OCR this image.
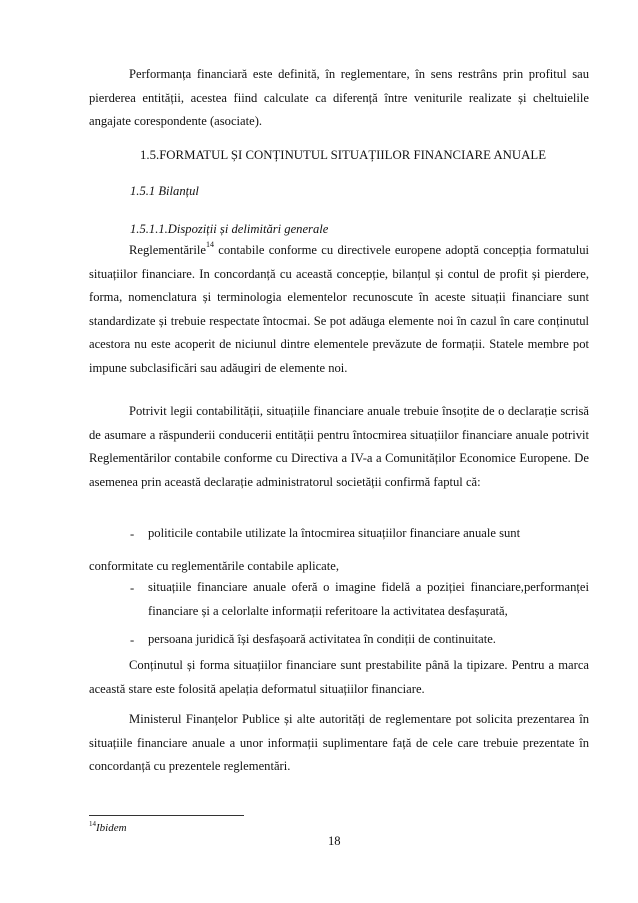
Performanța financiară este definită, în reglementare, în sens restrâns prin profitul sau pierderea entității, acestea fiind calculate ca diferență între veniturile realizate și cheltuielile angajate corespondente (asociate).

1.5.FORMATUL ȘI CONȚINUTUL SITUAȚIILOR FINANCIARE ANUALE
1.5.1 Bilanțul
1.5.1.1.Dispoziții și delimitări generale

Reglementările$^{14}$ contabile conforme cu directivele europene adoptă concepția formatului situațiilor financiare. In concordanță cu această concepție, bilanțul și contul de profit și pierdere, forma, nomenclatura și terminologia elementelor recunoscute în aceste situații financiare sunt standardizate și trebuie respectate întocmai. Se pot adăuga elemente noi în cazul în care conținutul acestora nu este acoperit de niciunul dintre elementele prevăzute de formații. Statele membre pot impune subclasificări sau adăugiri de elemente noi.

Potrivit legii contabilității, situațiile financiare anuale trebuie însoțite de o declarație scrisă de asumare a răspunderii conducerii entității pentru întocmirea situațiilor financiare anuale potrivit Reglementărilor contabile conforme cu Directiva a IV-a a Comunităților Economice Europene. De asemenea prin această declarație administratorul societății confirmă faptul că:

- politicile contabile utilizate la întocmirea situațiilor financiare anuale sunt
conformitate cu reglementările contabile aplicate,
- situațiile financiare anuale oferă o imagine fidelă a poziției financiare,performanței financiare și a celorlalte informații referitoare la activitatea desfașurată,
- persoana juridică își desfașoară activitatea în condiții de continuitate.

Conținutul și forma situațiilor financiare sunt prestabilite până la tipizare. Pentru a marca această stare este folosită apelația deformatul situațiilor financiare.

Ministerul Finanțelor Publice și alte autorități de reglementare pot solicita prezentarea în situațiile financiare anuale a unor informații suplimentare față de cele care trebuie prezentate în concordanță cu prezentele reglementări.

$^{14}$Ibidem
18
